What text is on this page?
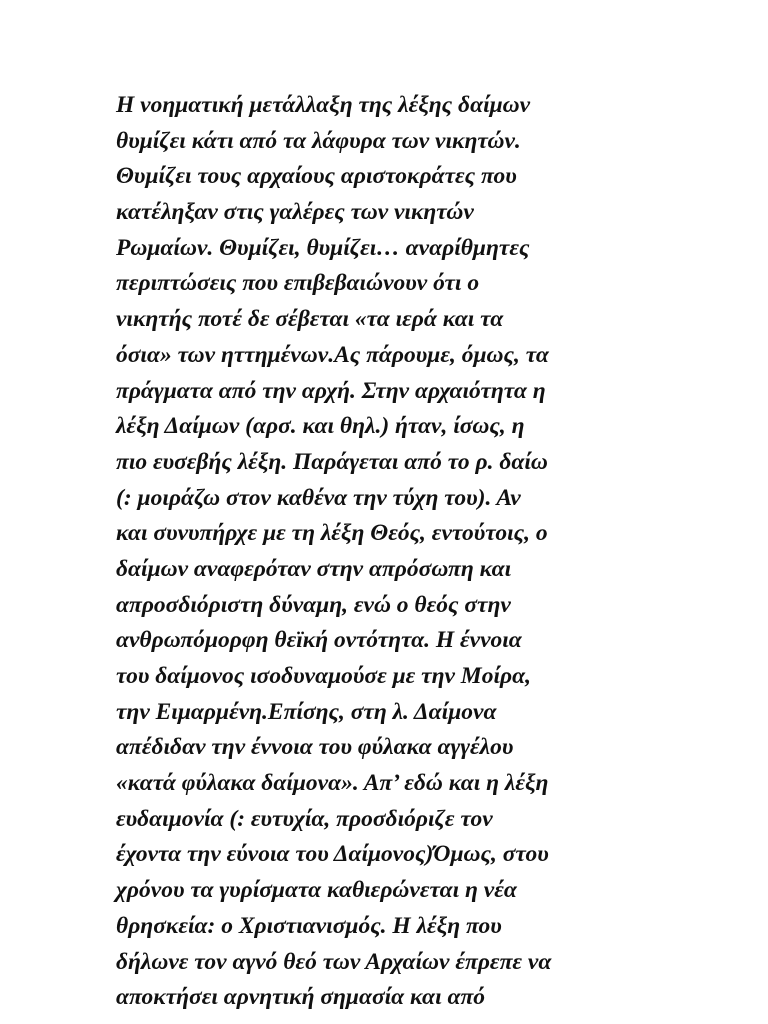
Η νοηματική μετάλλαξη της λέξης δαίμων
θυμίζει κάτι από τα λάφυρα των νικητών.
Θυμίζει τους αρχαίους αριστοκράτες που
κατέληξαν στις γαλέρες των νικητών
Ρωμαίων. Θυμίζει, θυμίζει… αναρίθμητες
περιπτώσεις που επιβεβαιώνουν ότι ο
νικητής ποτέ δε σέβεται «τα ιερά και τα
όσια» των ηττημένων.Ας πάρουμε, όμως, τα
πράγματα από την αρχή. Στην αρχαιότητα η
λέξη Δαίμων (αρσ. και θηλ.) ήταν, ίσως, η
πιο ευσεβής λέξη. Παράγεται από το ρ. δαίω
(: μοιράζω στον καθένα την τύχη του). Αν
και συνυπήρχε με τη λέξη Θεός, εντούτοις, ο
δαίμων αναφερόταν στην απρόσωπη και
απροσδιόριστη δύναμη, ενώ ο θεός στην
ανθρωπόμορφη θεϊκή οντότητα. Η έννοια
του δαίμονος ισοδυναμούσε με την Μοίρα,
την Ειμαρμένη.Επίσης, στη λ. Δαίμονα
απέδιδαν την έννοια του φύλακα αγγέλου
«κατά φύλακα δαίμονα». Απ’ εδώ και η λέξη
ευδαιμονία (: ευτυχία, προσδιόριζε τον
έχοντα την εύνοια του Δαίμονος)Όμως, στου
χρόνου τα γυρίσματα καθιερώνεται η νέα
θρησκεία: ο Χριστιανισμός. Η λέξη που
δήλωνε τον αγνό θεό των Αρχαίων έπρεπε να
αποκτήσει αρνητική σημασία και από
